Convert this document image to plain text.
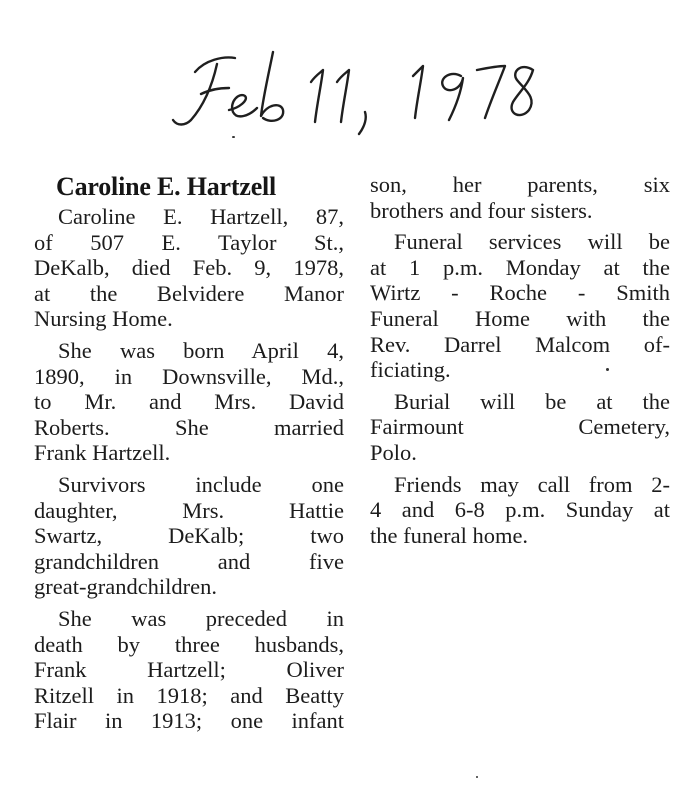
Caroline E. Hartzell
Caroline E. Hartzell, 87,
of 507 E. Taylor St.,
DeKalb, died Feb. 9, 1978,
at the Belvidere Manor
Nursing Home.
She was born April 4,
1890, in Downsville, Md.,
to Mr. and Mrs. David
Roberts. She married
Frank Hartzell.
Survivors include one
daughter, Mrs. Hattie
Swartz, DeKalb; two
grandchildren and five
great-grandchildren.
She was preceded in
death by three husbands,
Frank Hartzell; Oliver
Ritzell in 1918; and Beatty
Flair in 1913; one infant
son, her parents, six
brothers and four sisters.
Funeral services will be
at 1 p.m. Monday at the
Wirtz - Roche - Smith
Funeral Home with the
Rev. Darrel Malcom of-
ficiating.
Burial will be at the
Fairmount Cemetery,
Polo.
Friends may call from 2-
4 and 6-8 p.m. Sunday at
the funeral home.
